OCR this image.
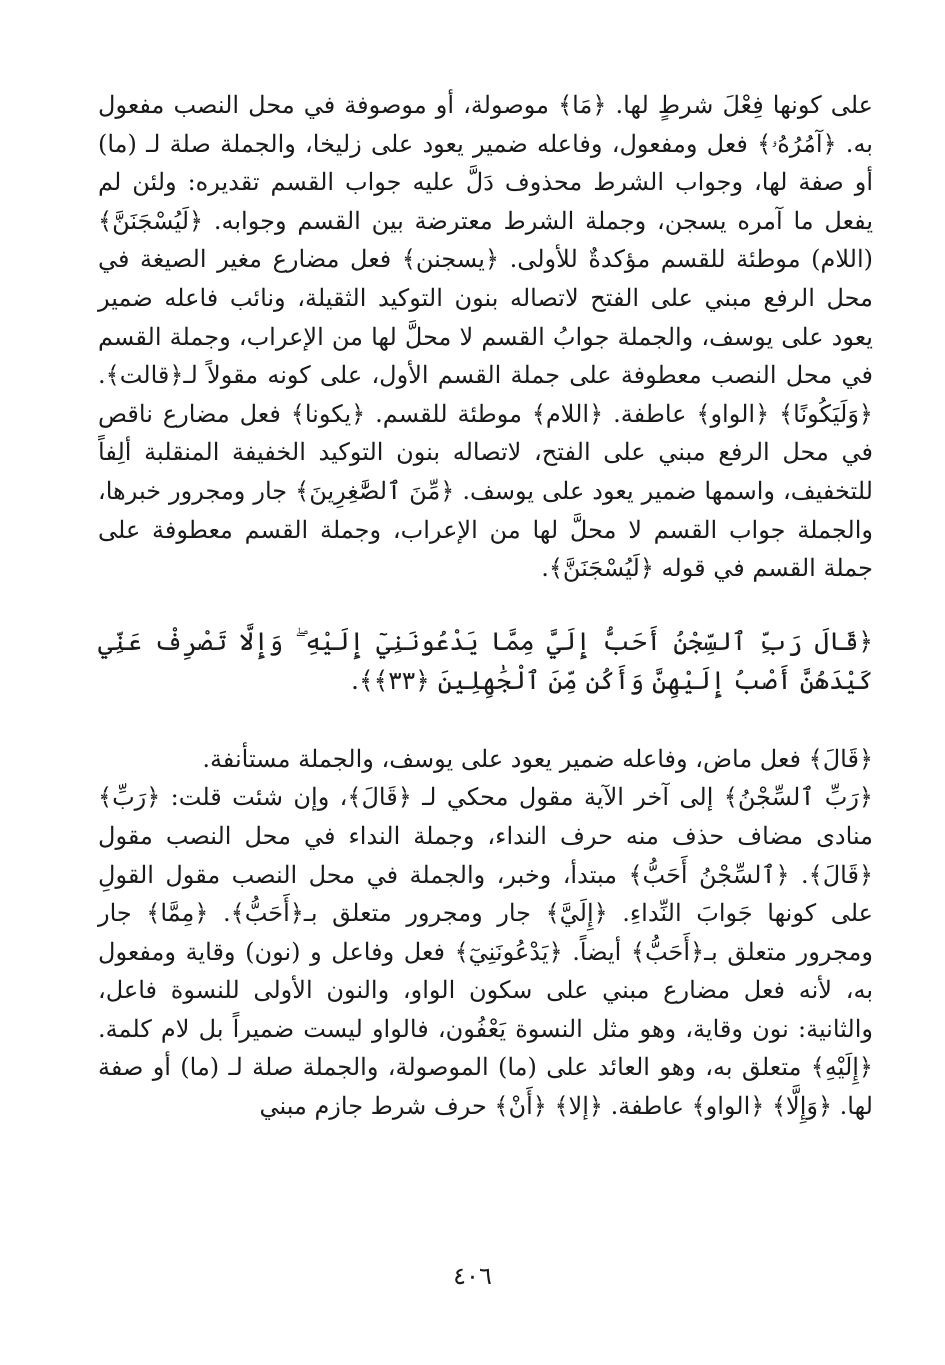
على كونها فِعْلَ شرطٍ لها. ﴿مَا﴾ موصولة، أو موصوفة في محل النصب مفعول به. ﴿آمُرُهُۥ﴾ فعل ومفعول، وفاعله ضمير يعود على زليخا، والجملة صلة لـ (ما) أو صفة لها، وجواب الشرط محذوف دَلَّ عليه جواب القسم تقديره: ولئن لم يفعل ما آمره يسجن، وجملة الشرط معترضة بين القسم وجوابه. ﴿لَيُسْجَنَنَّ﴾ (اللام) موطئة للقسم مؤكدةٌ للأولى. ﴿يسجنن﴾ فعل مضارع مغير الصيغة في محل الرفع مبني على الفتح لاتصاله بنون التوكيد الثقيلة، ونائب فاعله ضمير يعود على يوسف، والجملة جوابُ القسم لا محلَّ لها من الإعراب، وجملة القسم في محل النصب معطوفة على جملة القسم الأول، على كونه مقولاً لـ﴿قالت﴾. ﴿وَلَيَكُونًا﴾ ﴿الواو﴾ عاطفة. ﴿اللام﴾ موطئة للقسم. ﴿يكونا﴾ فعل مضارع ناقص في محل الرفع مبني على الفتح، لاتصاله بنون التوكيد الخفيفة المنقلبة ألِفاً للتخفيف، واسمها ضمير يعود على يوسف. ﴿مِّنَ ٱلصَّٰغِرِينَ﴾ جار ومجرور خبرها، والجملة جواب القسم لا محلَّ لها من الإعراب، وجملة القسم معطوفة على جملة القسم في قوله ﴿لَيُسْجَنَنَّ﴾.

﴿قَالَ رَبِّ ٱلسِّجْنُ أَحَبُّ إِلَيَّ مِمَّا يَدْعُونَنِيٓ إِلَيْهِ ۖ وَإِلَّا تَصْرِفْ عَنِّي كَيْدَهُنَّ أَصْبُ إِلَيْهِنَّ وَأَكُن مِّنَ ٱلْجَٰهِلِينَ ﴿٣٣﴾﴾.

﴿قَالَ﴾ فعل ماض، وفاعله ضمير يعود على يوسف، والجملة مستأنفة.

﴿رَبِّ ٱلسِّجْنُ﴾ إلى آخر الآية مقول محكي لـ ﴿قَالَ﴾، وإن شئت قلت: ﴿رَبِّ﴾ منادى مضاف حذف منه حرف النداء، وجملة النداء في محل النصب مقول ﴿قَالَ﴾. ﴿ٱلسِّجْنُ أَحَبُّ﴾ مبتدأ، وخبر، والجملة في محل النصب مقول القولِ على كونها جَوابَ النِّداءِ. ﴿إِلَيَّ﴾ جار ومجرور متعلق بـ﴿أَحَبُّ﴾. ﴿مِمَّا﴾ جار ومجرور متعلق بـ﴿أَحَبُّ﴾ أيضاً. ﴿يَدْعُونَنِيٓ﴾ فعل وفاعل و (نون) وقاية ومفعول به، لأنه فعل مضارع مبني على سكون الواو، والنون الأولى للنسوة فاعل، والثانية: نون وقاية، وهو مثل النسوة يَعْفُون، فالواو ليست ضميراً بل لام كلمة. ﴿إِلَيْهِ﴾ متعلق به، وهو العائد على (ما) الموصولة، والجملة صلة لـ (ما) أو صفة لها. ﴿وَإِلَّا﴾ ﴿الواو﴾ عاطفة. ﴿إلا﴾ ﴿أَنْ﴾ حرف شرط جازم مبني

٤٠٦
